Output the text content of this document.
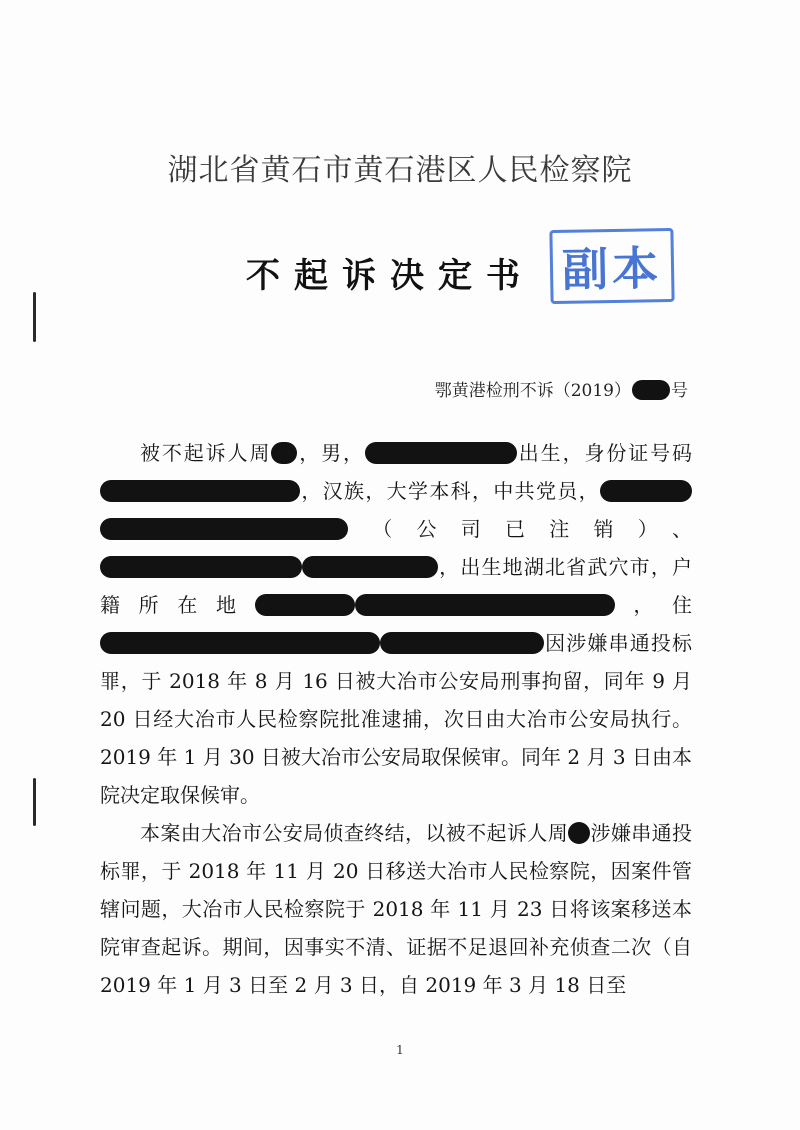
湖北省黄石市黄石港区人民检察院
不起诉决定书 副本
鄂黄港检刑不诉（2019） 号

被不起诉人周 ，男，	出生，身份证号码，汉族，大学本科，中共党员，（公司已注销）、，出生地湖北省武穴市，户籍所在地	，住因涉嫌串通投标罪，于 2018 年 8 月 16 日被大冶市公安局刑事拘留，同年 9 月 20 日经大冶市人民检察院批准逮捕，次日由大冶市公安局执行。2019 年 1 月 30 日被大冶市公安局取保候审。同年 2 月 3 日由本院决定取保候审。

本案由大冶市公安局侦查终结，以被不起诉人周 涉嫌串通投标罪，于 2018 年 11 月 20 日移送大冶市人民检察院，因案件管辖问题，大冶市人民检察院于 2018 年 11 月 23 日将该案移送本院审查起诉。期间，因事实不清、证据不足退回补充侦查二次（自 2019 年 1 月 3 日至 2 月 3 日，自 2019 年 3 月 18 日至

1
